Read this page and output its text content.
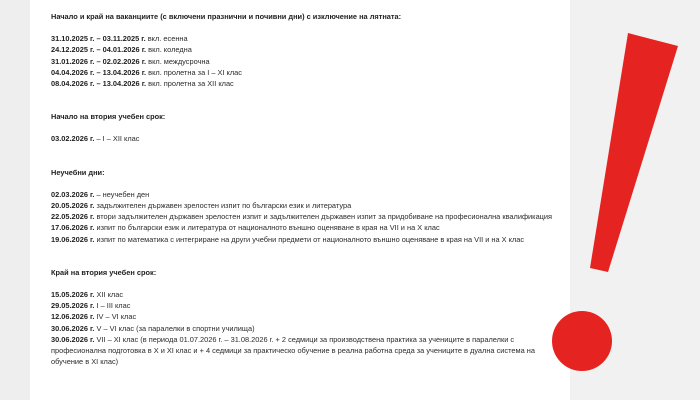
Начало и край на ваканциите (с включени празнични и почивни дни) с изключение на лятната:
31.10.2025 г. – 03.11.2025 г. вкл. есенна
24.12.2025 г. – 04.01.2026 г. вкл. коледна
31.01.2026 г. – 02.02.2026 г. вкл. междусрочна
04.04.2026 г. – 13.04.2026 г. вкл. пролетна за I – XI клас
08.04.2026 г. – 13.04.2026 г. вкл. пролетна за XII клас
Начало на втория учебен срок:
03.02.2026 г. – I – XII клас
Неучебни дни:
02.03.2026 г. – неучебен ден
20.05.2026 г. задължителен държавен зрелостен изпит по български език и литература
22.05.2026 г. втори задължителен държавен зрелостен изпит и задължителен държавен изпит за придобиване на професионална квалификация
17.06.2026 г. изпит по български език и литература от националното външно оценяване в края на VII и на X клас
19.06.2026 г. изпит по математика с интегриране на други учебни предмети от националното външно оценяване в края на VII и на X клас
Край на втория учебен срок:
15.05.2026 г. XII клас
29.05.2026 г. I – III клас
12.06.2026 г. IV – VI клас
30.06.2026 г. V – VI клас (за паралелки в спортни училища)
30.06.2026 г. VII – XI клас (в периода 01.07.2026 г. – 31.08.2026 г. + 2 седмици за производствена практика за учениците в паралелки с професионална подготовка в X и XI клас и + 4 седмици за практическо обучение в реална работна среда за учениците в дуална система на обучение в XI клас)
